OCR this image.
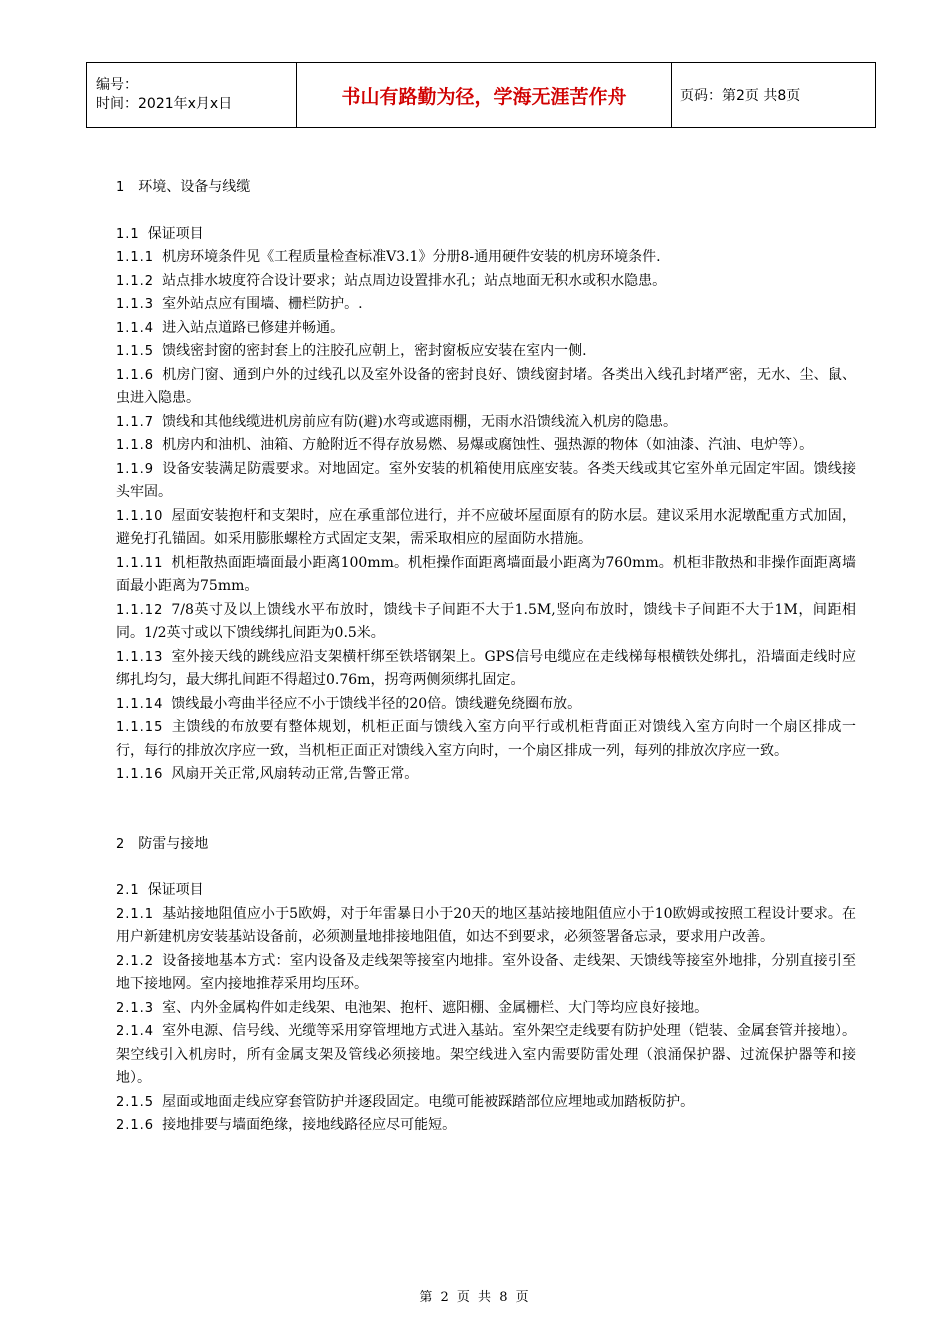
编号：
时间：2021年x月x日	书山有路勤为径，学海无涯苦作舟	页码：第2页 共8页
1 环境、设备与线缆

1.1 保证项目

1.1.1 机房环境条件见《工程质量检查标准V3.1》分册8-通用硬件安装的机房环境条件.

1.1.2 站点排水坡度符合设计要求；站点周边设置排水孔；站点地面无积水或积水隐患。

1.1.3 室外站点应有围墙、栅栏防护。.

1.1.4 进入站点道路已修建并畅通。

1.1.5 馈线密封窗的密封套上的注胶孔应朝上，密封窗板应安装在室内一侧.

1.1.6 机房门窗、通到户外的过线孔以及室外设备的密封良好、馈线窗封堵。各类出入线孔封堵严密，无水、尘、鼠、虫进入隐患。

1.1.7 馈线和其他线缆进机房前应有防(避)水弯或遮雨棚，无雨水沿馈线流入机房的隐患。

1.1.8 机房内和油机、油箱、方舱附近不得存放易燃、易爆或腐蚀性、强热源的物体（如油漆、汽油、电炉等）。

1.1.9 设备安装满足防震要求。对地固定。室外安装的机箱使用底座安装。各类天线或其它室外单元固定牢固。馈线接头牢固。

1.1.10 屋面安装抱杆和支架时，应在承重部位进行，并不应破坏屋面原有的防水层。建议采用水泥墩配重方式加固，避免打孔锚固。如采用膨胀螺栓方式固定支架，需采取相应的屋面防水措施。

1.1.11 机柜散热面距墙面最小距离100mm。机柜操作面距离墙面最小距离为760mm。机柜非散热和非操作面距离墙面最小距离为75mm。

1.1.12 7/8英寸及以上馈线水平布放时，馈线卡子间距不大于1.5M,竖向布放时，馈线卡子间距不大于1M，间距相同。1/2英寸或以下馈线绑扎间距为0.5米。

1.1.13 室外接天线的跳线应沿支架横杆绑至铁塔钢架上。GPS信号电缆应在走线梯每根横铁处绑扎，沿墙面走线时应绑扎均匀，最大绑扎间距不得超过0.76m，拐弯两侧须绑扎固定。

1.1.14 馈线最小弯曲半径应不小于馈线半径的20倍。馈线避免绕圈布放。

1.1.15 主馈线的布放要有整体规划，机柜正面与馈线入室方向平行或机柜背面正对馈线入室方向时一个扇区排成一行，每行的排放次序应一致，当机柜正面正对馈线入室方向时，一个扇区排成一列，每列的排放次序应一致。

1.1.16 风扇开关正常,风扇转动正常,告警正常。

2 防雷与接地

2.1 保证项目

2.1.1 基站接地阻值应小于5欧姆，对于年雷暴日小于20天的地区基站接地阻值应小于10欧姆或按照工程设计要求。在用户新建机房安装基站设备前，必须测量地排接地阻值，如达不到要求，必须签署备忘录，要求用户改善。

2.1.2 设备接地基本方式：室内设备及走线架等接室内地排。室外设备、走线架、天馈线等接室外地排，分别直接引至地下接地网。室内接地推荐采用均压环。

2.1.3 室、内外金属构件如走线架、电池架、抱杆、遮阳棚、金属栅栏、大门等均应良好接地。

2.1.4 室外电源、信号线、光缆等采用穿管埋地方式进入基站。室外架空走线要有防护处理（铠装、金属套管并接地）。架空线引入机房时，所有金属支架及管线必须接地。架空线进入室内需要防雷处理（浪涌保护器、过流保护器等和接地）。

2.1.5 屋面或地面走线应穿套管防护并逐段固定。电缆可能被踩踏部位应埋地或加踏板防护。

2.1.6 接地排要与墙面绝缘，接地线路径应尽可能短。

第 2 页 共 8 页
